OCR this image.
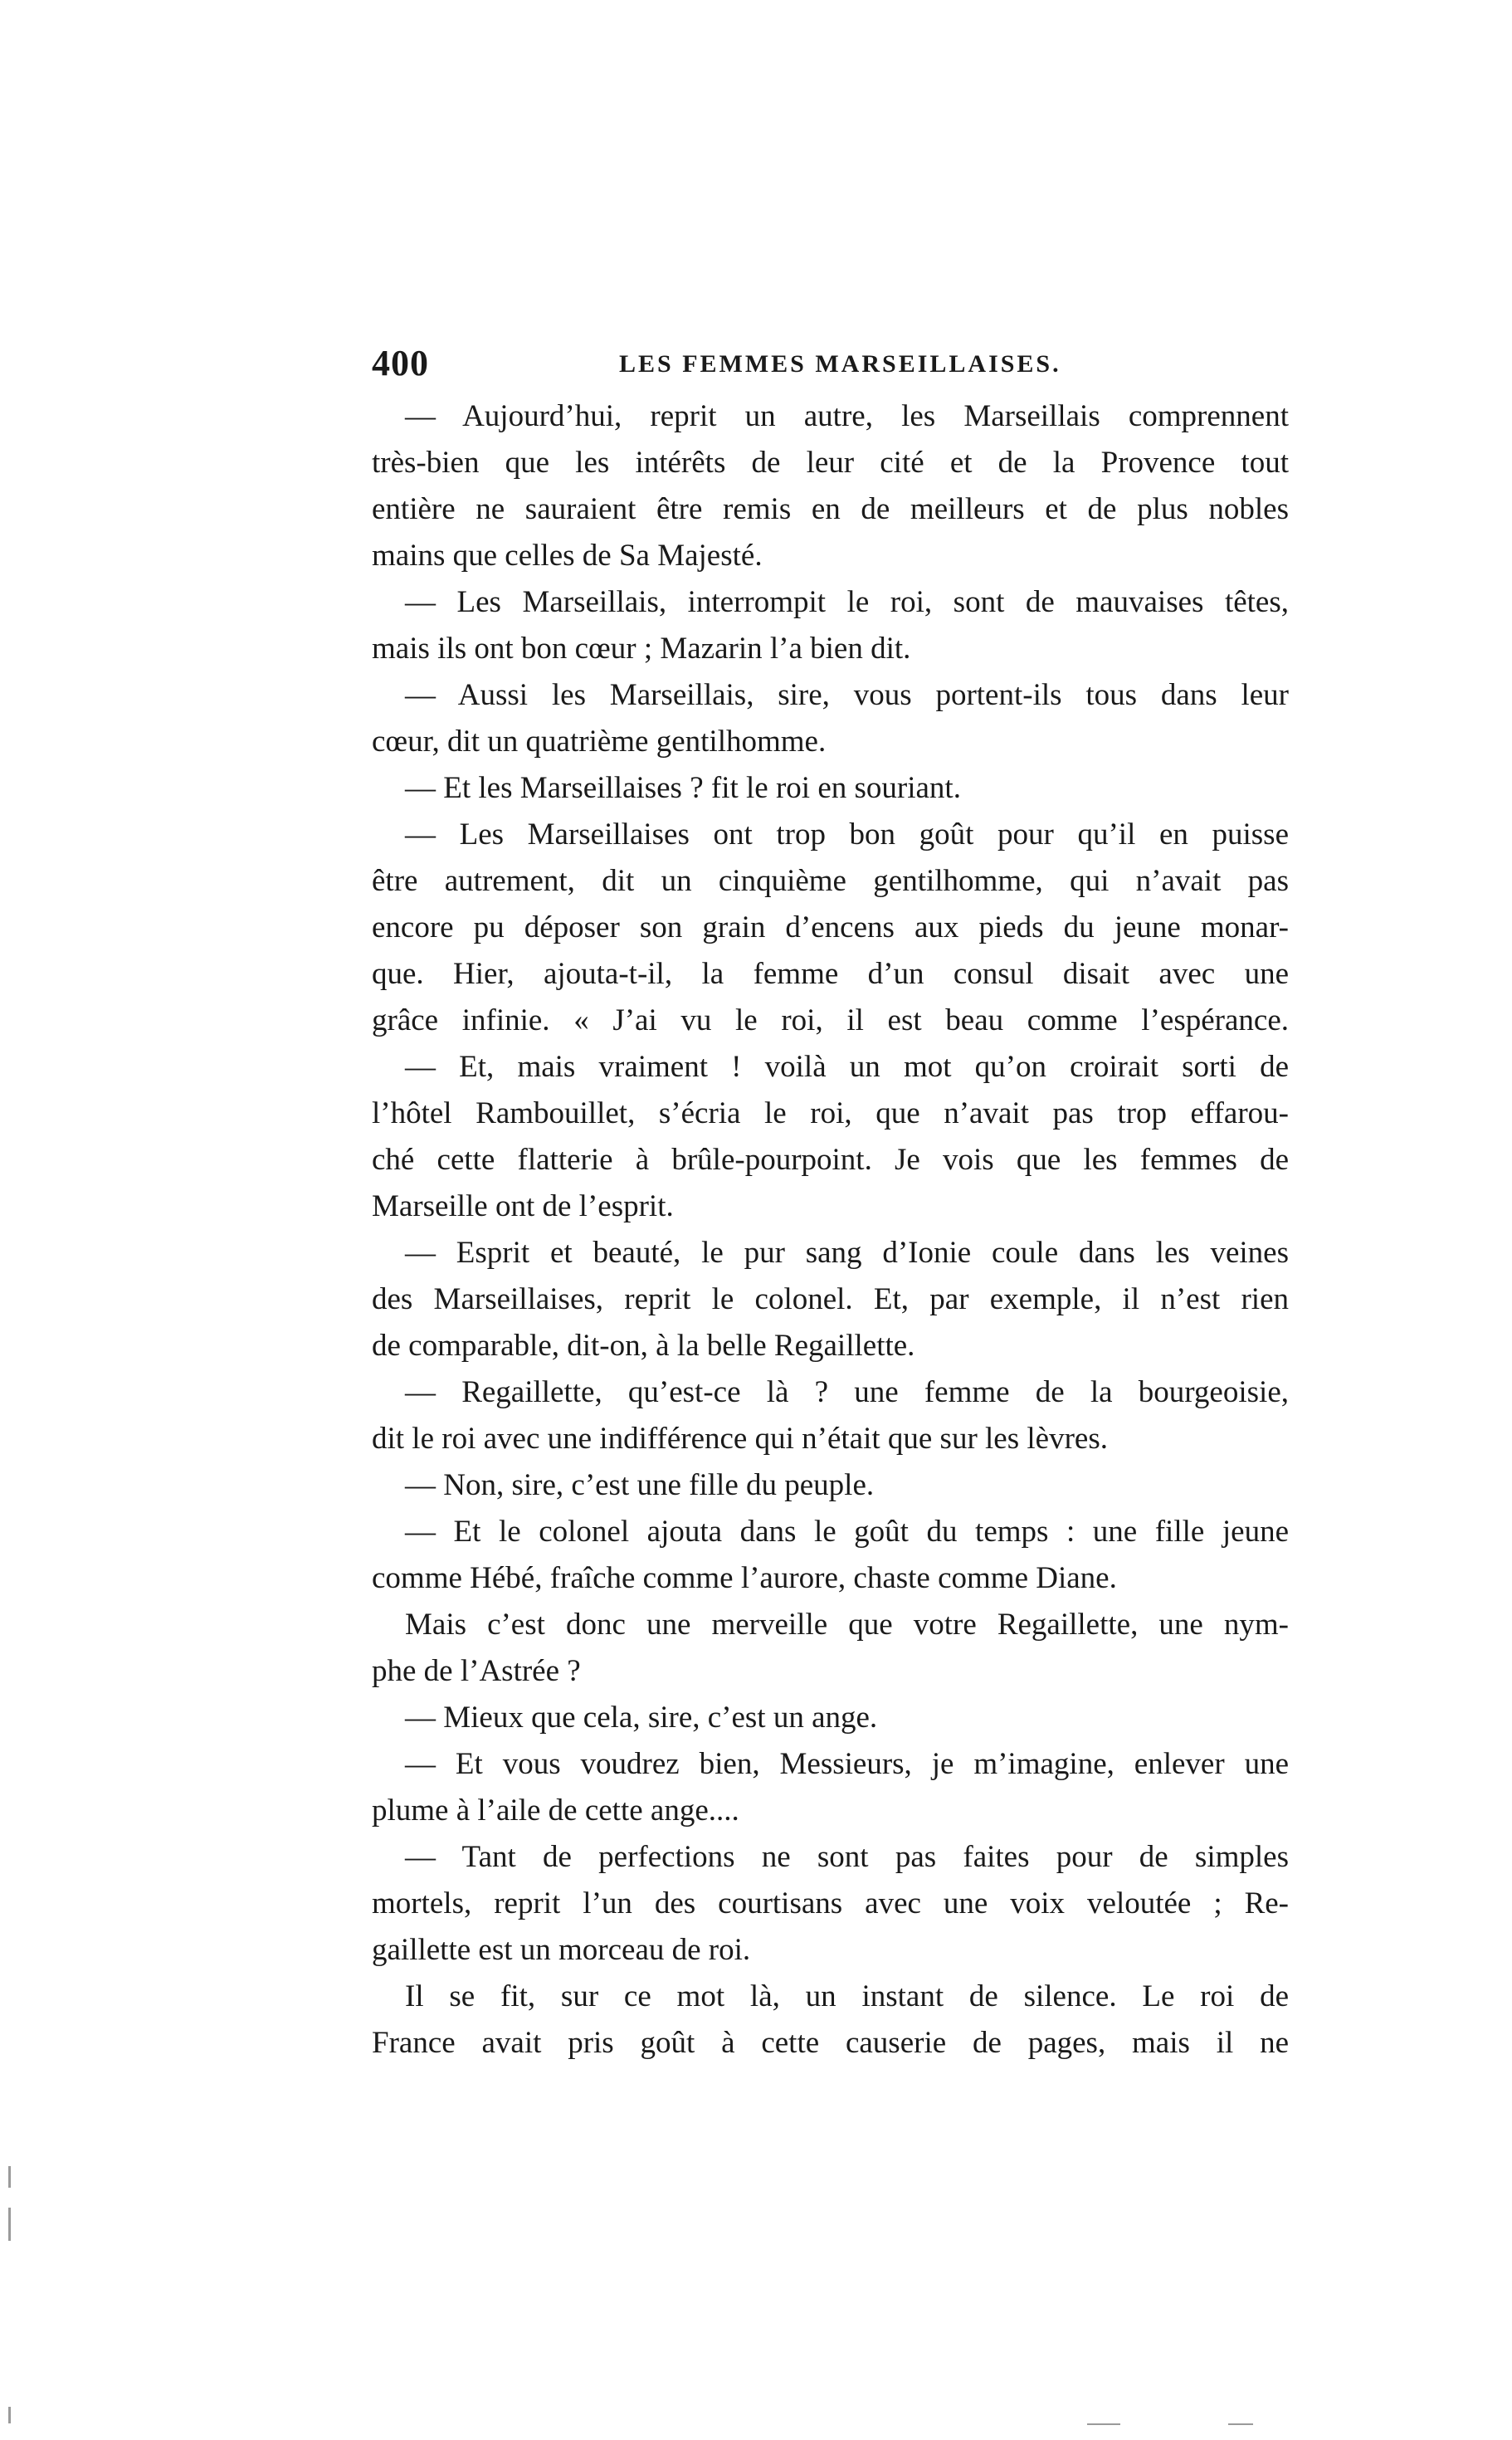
400	LES FEMMES MARSEILLAISES.
— Aujourd’hui, reprit un autre, les Marseillais comprennent
très-bien que les intérêts de leur cité et de la Provence tout
entière ne sauraient être remis en de meilleurs et de plus nobles
mains que celles de Sa Majesté.
— Les Marseillais, interrompit le roi, sont de mauvaises têtes,
mais ils ont bon cœur ; Mazarin l’a bien dit.
— Aussi les Marseillais, sire, vous portent-ils tous dans leur
cœur, dit un quatrième gentilhomme.
— Et les Marseillaises ? fit le roi en souriant.
— Les Marseillaises ont trop bon goût pour qu’il en puisse
être autrement, dit un cinquième gentilhomme, qui n’avait pas
encore pu déposer son grain d’encens aux pieds du jeune monar-
que. Hier, ajouta-t-il, la femme d’un consul disait avec une
grâce infinie. « J’ai vu le roi, il est beau comme l’espérance.
— Et, mais vraiment ! voilà un mot qu’on croirait sorti de
l’hôtel Rambouillet, s’écria le roi, que n’avait pas trop effarou-
ché cette flatterie à brûle-pourpoint. Je vois que les femmes de
Marseille ont de l’esprit.
— Esprit et beauté, le pur sang d’Ionie coule dans les veines
des Marseillaises, reprit le colonel. Et, par exemple, il n’est rien
de comparable, dit-on, à la belle Regaillette.
— Regaillette, qu’est-ce là ? une femme de la bourgeoisie,
dit le roi avec une indifférence qui n’était que sur les lèvres.
— Non, sire, c’est une fille du peuple.
— Et le colonel ajouta dans le goût du temps : une fille jeune
comme Hébé, fraîche comme l’aurore, chaste comme Diane.
Mais c’est donc une merveille que votre Regaillette, une nym-
phe de l’Astrée ?
— Mieux que cela, sire, c’est un ange.
— Et vous voudrez bien, Messieurs, je m’imagine, enlever une
plume à l’aile de cette ange....
— Tant de perfections ne sont pas faites pour de simples
mortels, reprit l’un des courtisans avec une voix veloutée ; Re-
gaillette est un morceau de roi.
Il se fit, sur ce mot là, un instant de silence. Le roi de
France avait pris goût à cette causerie de pages, mais il ne
